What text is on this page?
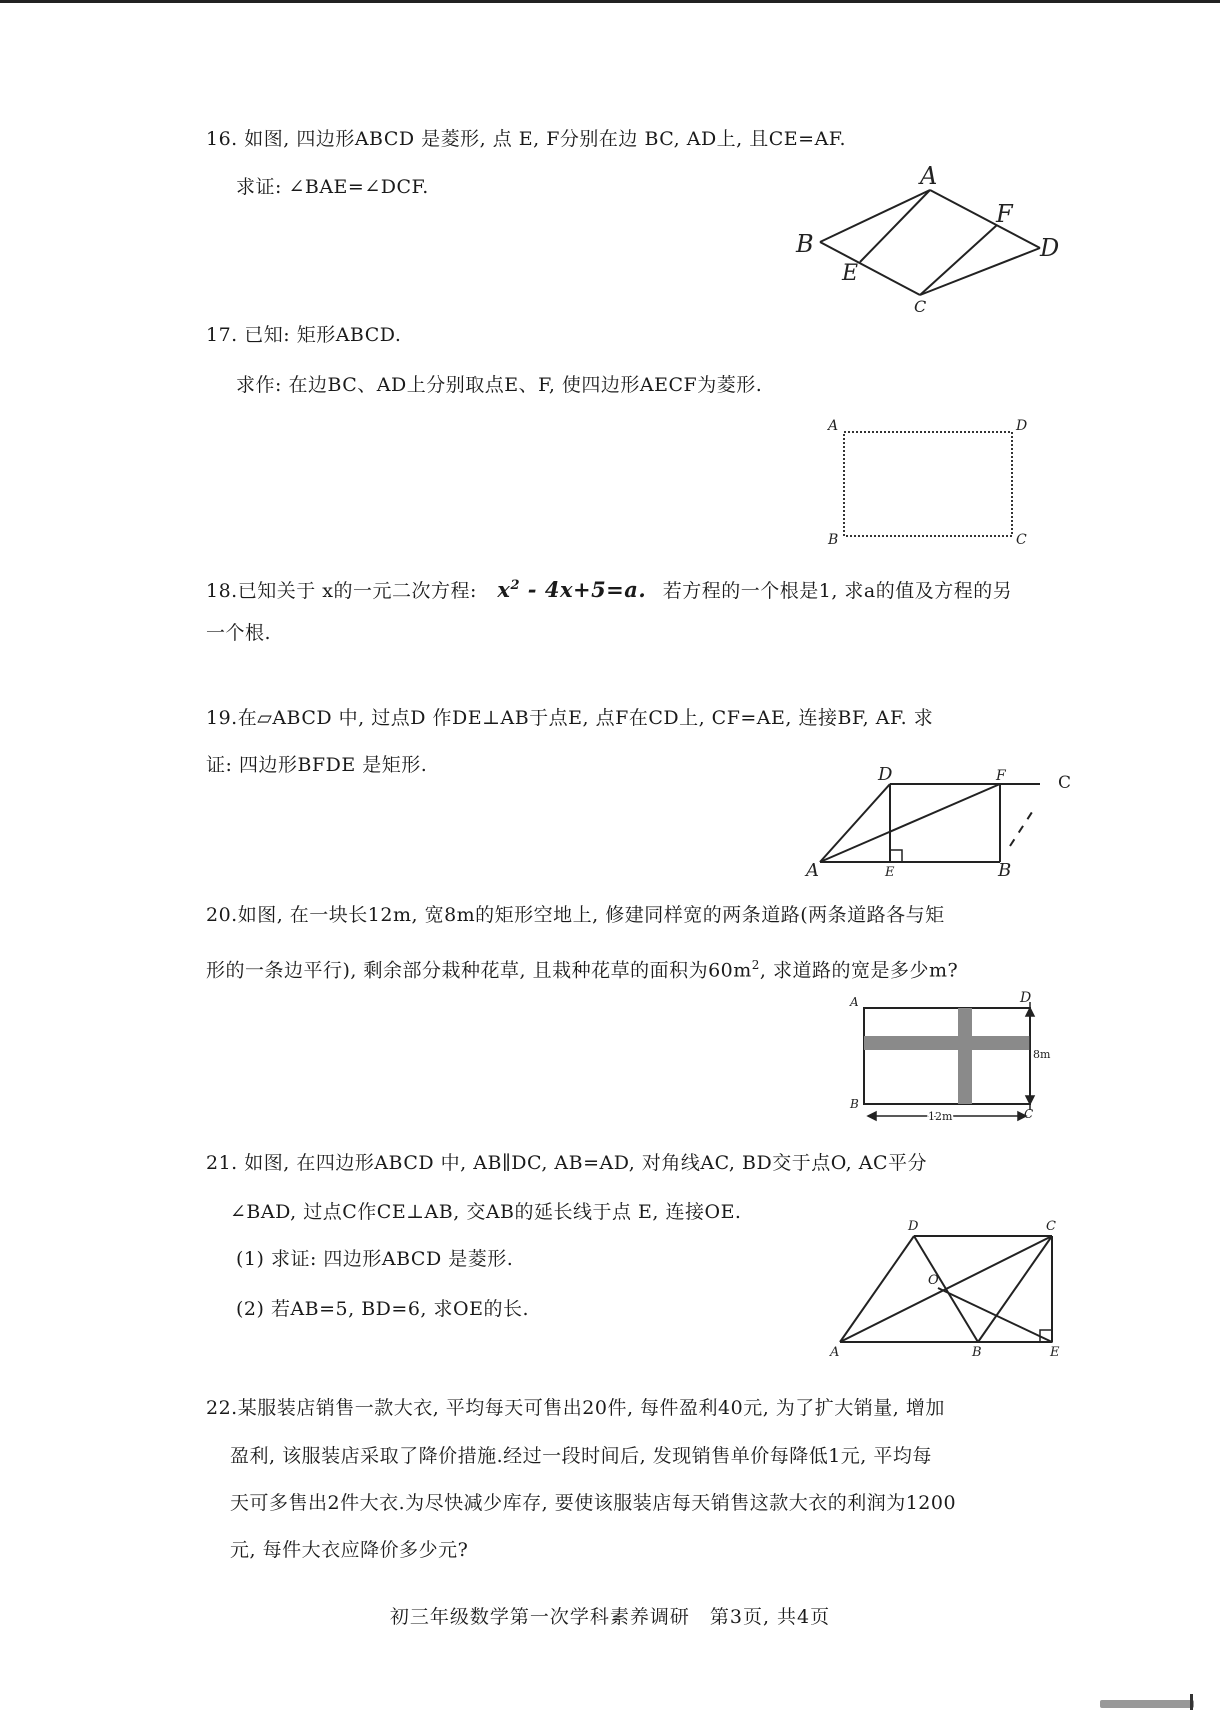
16. 如图, 四边形ABCD 是菱形, 点 E, F分别在边 BC, AD上, 且CE=AF.
求证: ∠BAE=∠DCF.	A
B	D
F
E
C
17. 已知: 矩形ABCD.
求作: 在边BC、AD上分别取点E、F, 使四边形AECF为菱形.
A	D
B	C
18.已知关于 x的一元二次方程: $x^2 - 4x+5=a$. 若方程的一个根是1, 求a的值及方程的另
一个根.
19.在▱ABCD 中, 过点D 作DE⊥AB于点E, 点F在CD上, CF=AE, 连接BF, AF. 求
证: 四边形BFDE 是矩形.	D	F	C
A	E	B
20.如图, 在一块长12m, 宽8m的矩形空地上, 修建同样宽的两条道路(两条道路各与矩
形的一条边平行), 剩余部分栽种花草, 且栽种花草的面积为$60m^2$, 求道路的宽是多少m?
A	D
B
C
8m
12m
21. 如图, 在四边形ABCD 中, AB∥DC, AB=AD, 对角线AC, BD交于点O, AC平分
∠BAD, 过点C作CE⊥AB, 交AB的延长线于点 E, 连接OE.
(1) 求证: 四边形ABCD 是菱形.
(2) 若AB=5, BD=6, 求OE的长.
D	C
O
A	B	E
22.某服装店销售一款大衣, 平均每天可售出20件, 每件盈利40元, 为了扩大销量, 增加
盈利, 该服装店采取了降价措施.经过一段时间后, 发现销售单价每降低1元, 平均每
天可多售出2件大衣.为尽快减少库存, 要使该服装店每天销售这款大衣的利润为1200
元, 每件大衣应降价多少元?
初三年级数学第一次学科素养调研　第3页, 共4页
